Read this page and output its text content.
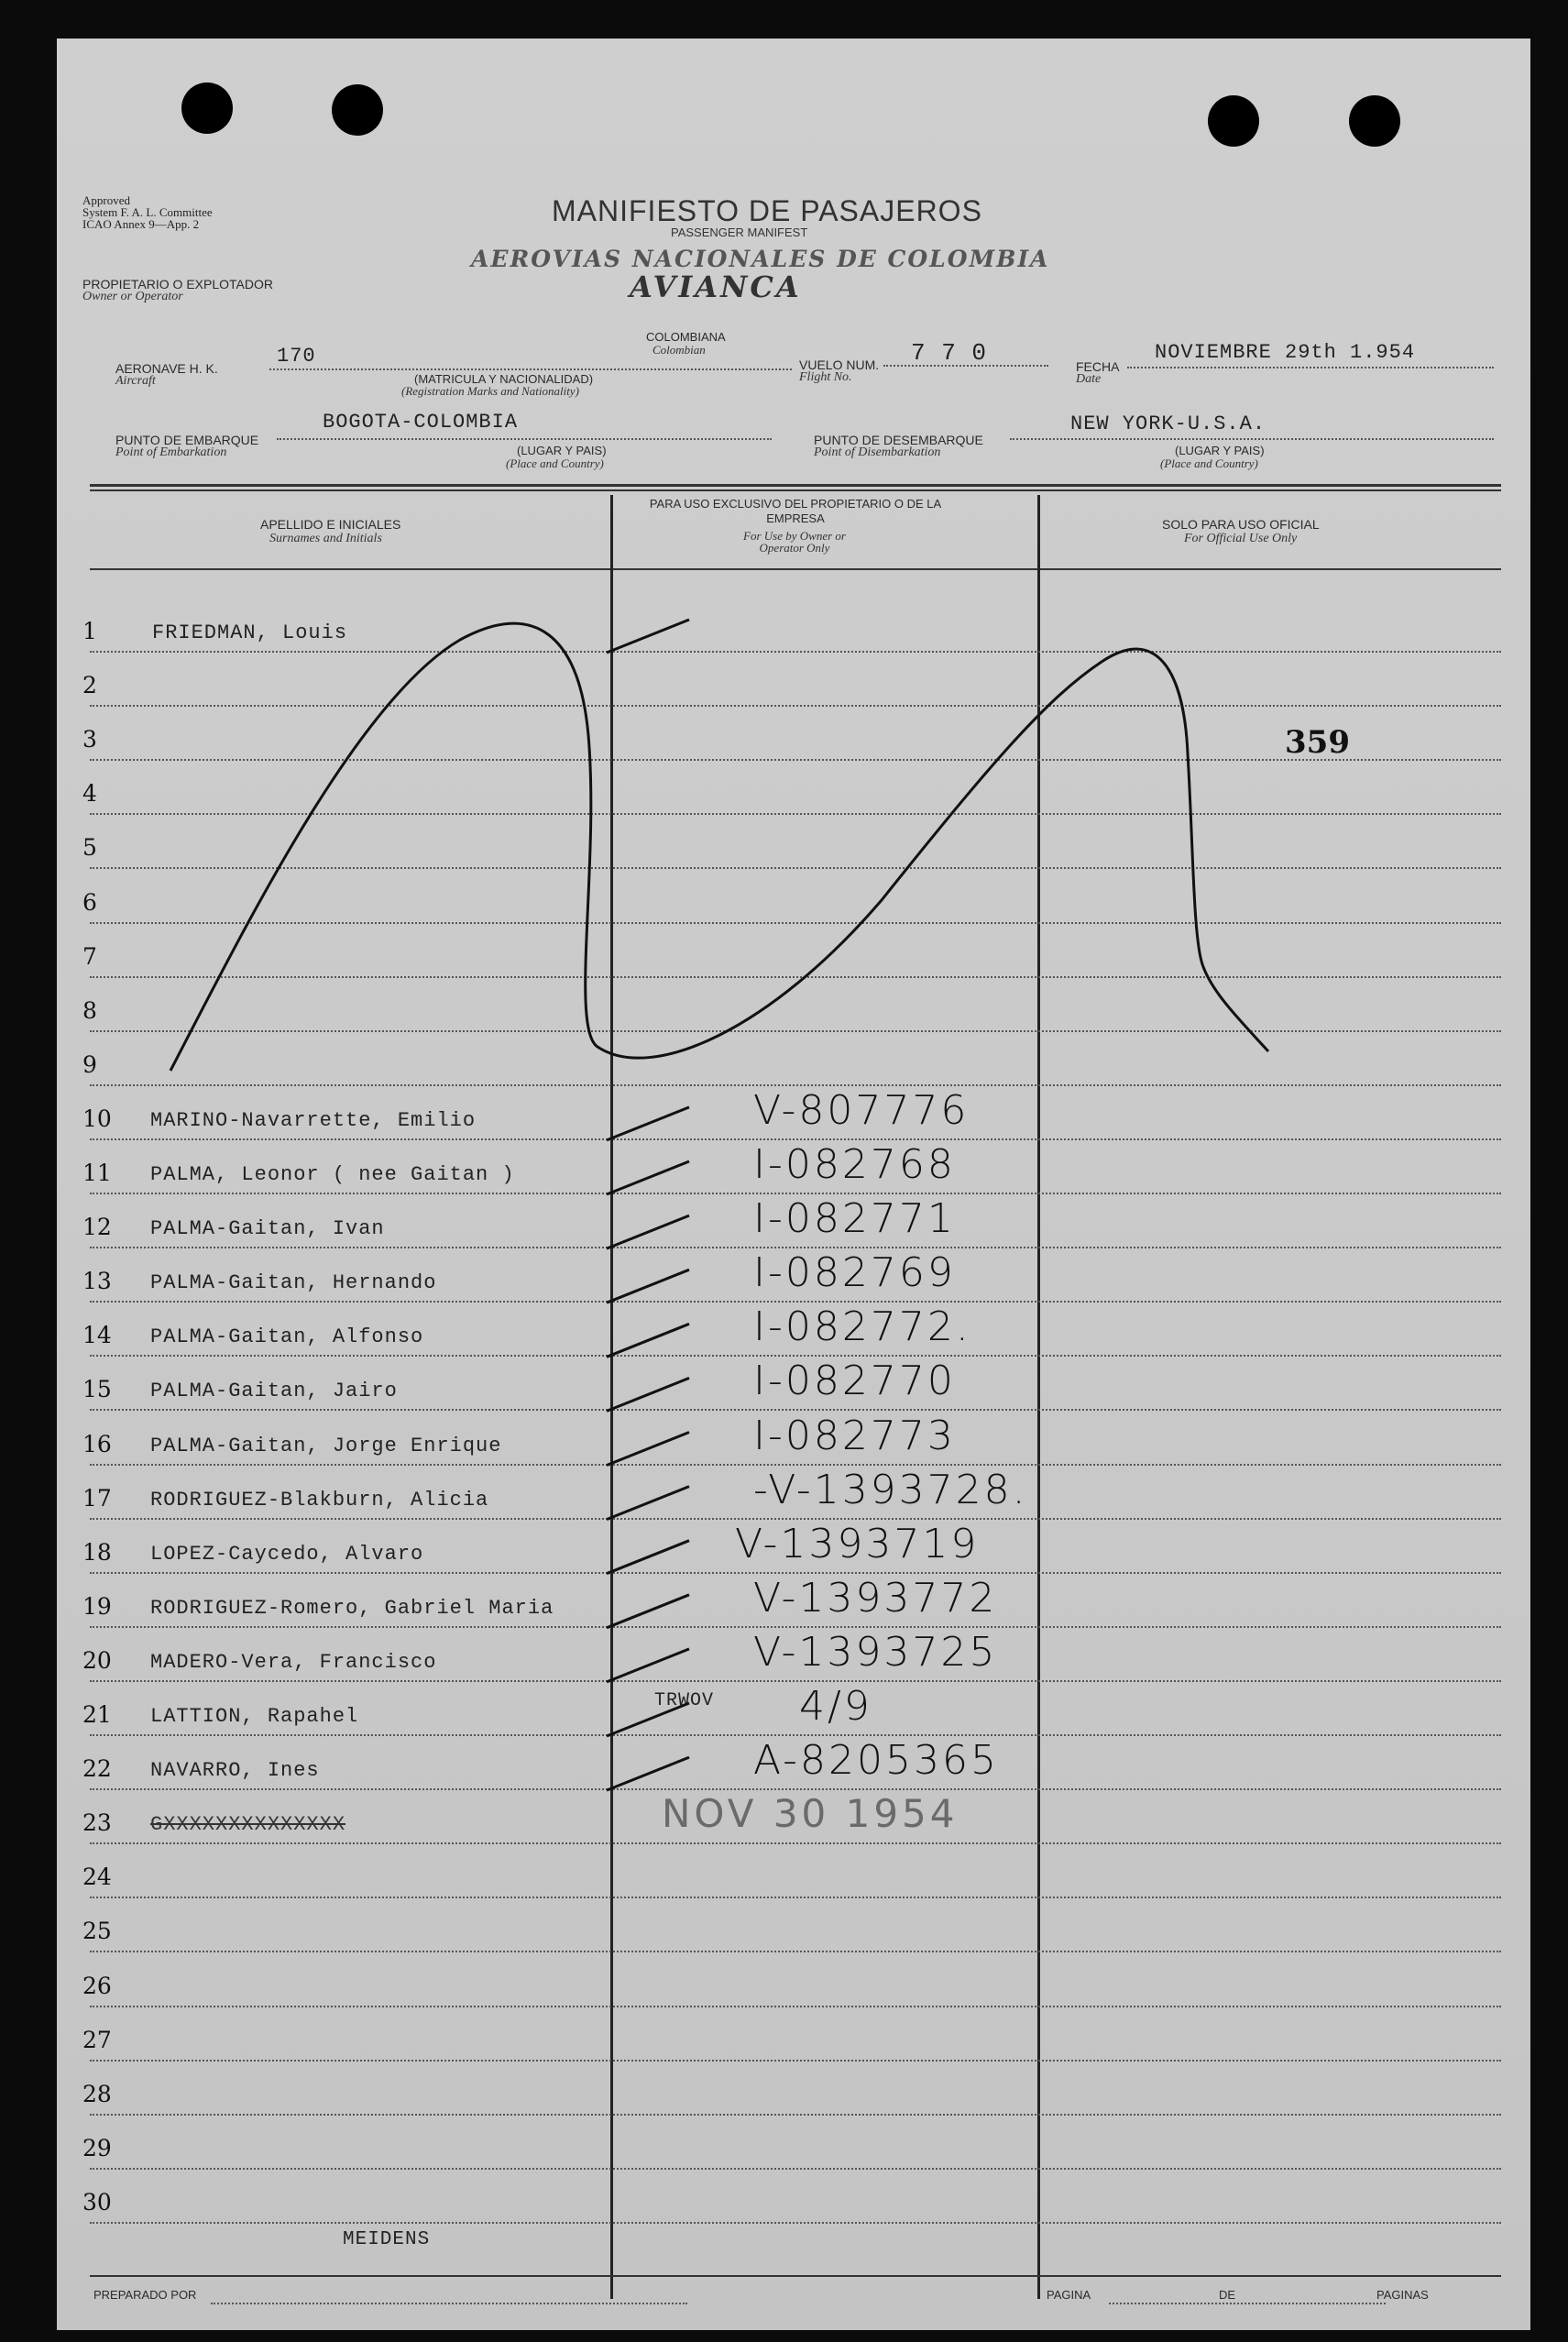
Approved
System F. A. L. Committee
ICAO Annex 9—App. 2	MANIFIESTO DE PASAJEROS
PASSENGER MANIFEST
AEROVIAS NACIONALES DE COLOMBIA
AVIANCA
PROPIETARIO O EXPLOTADOR
Owner or Operator
AERONAVE H. K.
Aircraft
170
COLOMBIANA
Colombian
(MATRICULA Y NACIONALIDAD)
(Registration Marks and Nationality)
VUELO NUM.
Flight No.
7 7 0	FECHA
Date
NOVIEMBRE 29th 1.954
PUNTO DE EMBARQUE
Point of Embarkation
BOGOTA-COLOMBIA
(LUGAR Y PAIS)
(Place and Country)
PUNTO DE DESEMBARQUE
Point of Disembarkation
NEW YORK-U.S.A.
(LUGAR Y PAIS)
(Place and Country)
APELLIDO E INICIALES
Surnames and Initials
PARA USO EXCLUSIVO DEL PROPIETARIO O DE LA EMPRESA
For Use by Owner or Operator Only
SOLO PARA USO OFICIAL
For Official Use Only
359
1	FRIEDMAN, Louis
2
3
4
5
6
7
8
9
10 MARINO-Navarrette, Emilio	V-807776
11 PALMA, Leonor ( nee Gaitan )	I-082768
12 PALMA-Gaitan, Ivan	I-082771
13 PALMA-Gaitan, Hernando	I-082769
14 PALMA-Gaitan, Alfonso	I-082772.
15 PALMA-Gaitan, Jairo	I-082770
16 PALMA-Gaitan, Jorge Enrique	I-082773
17 RODRIGUEZ-Blakburn, Alicia	-V-1393728.
18 LOPEZ-Caycedo, Alvaro	V-1393719
19 RODRIGUEZ-Romero, Gabriel Maria	V-1393772
20 MADERO-Vera, Francisco	V-1393725
21 LATTION, Rapahel	4/9
22 NAVARRO, Ines	A-8205365
23 GXXXXXXXXXXXXXX
24
25
26
27
28
29
30
TRWOV
NOV 30 1954
MEIDENS
PREPARADO POR	PAGINA	DE	PAGINAS
